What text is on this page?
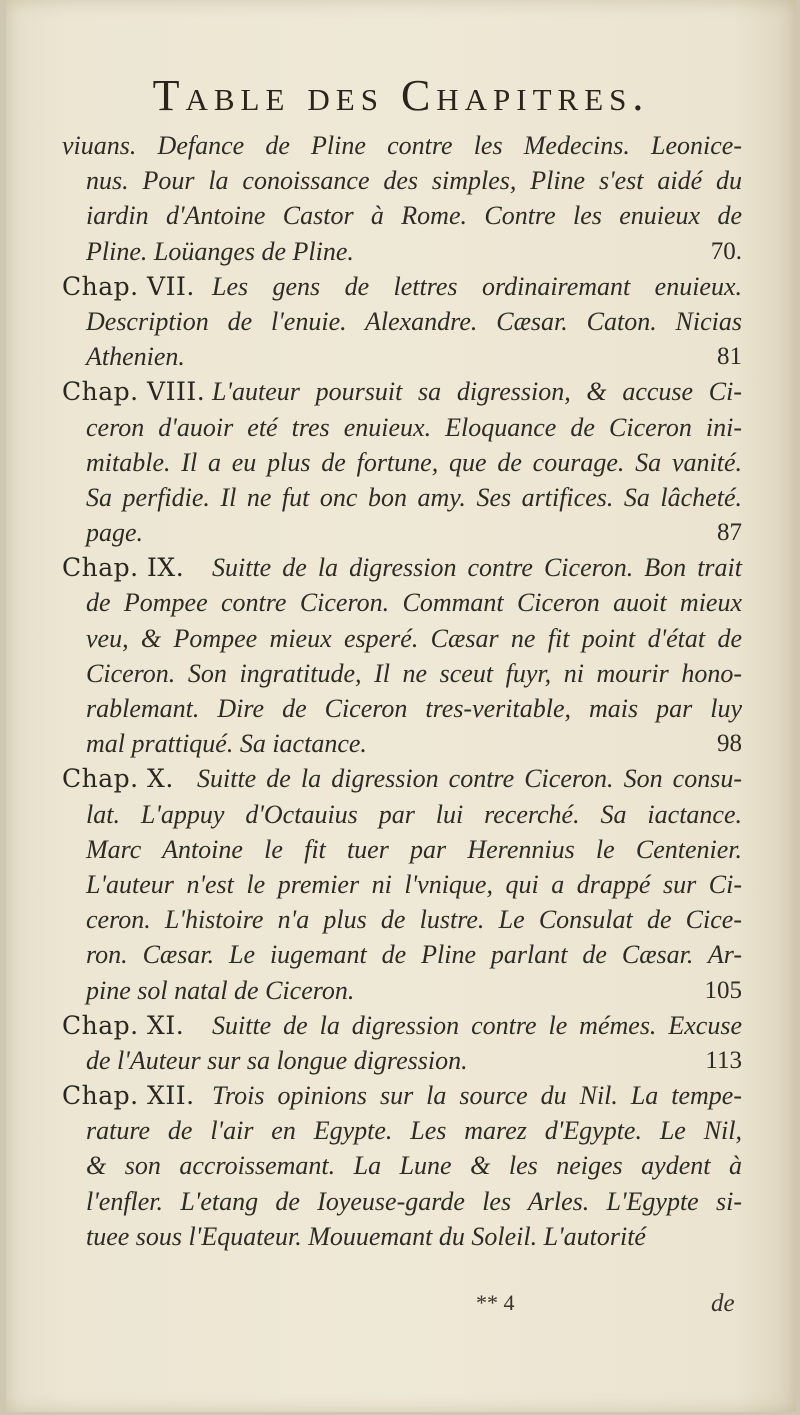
Table des Chapitres.
viuans. Defance de Pline contre les Medecins. Leonice-
nus. Pour la conoissance des simples, Pline s'est aidé du
iardin d'Antoine Castor à Rome. Contre les enuieux de
Pline. Loüanges de Pline.	70.
Chap. VII. Les gens de lettres ordinairemant enuieux.
Description de l'enuie. Alexandre. Cæsar. Caton. Nicias
Athenien.	81
Chap. VIII. L'auteur poursuit sa digression, & accuse Ci-
ceron d'auoir eté tres enuieux. Eloquance de Ciceron ini-
mitable. Il a eu plus de fortune, que de courage. Sa vanité.
Sa perfidie. Il ne fut onc bon amy. Ses artifices. Sa lâcheté.
page.	87
Chap. IX.	Suitte de la digression contre Ciceron. Bon trait
de Pompee contre Ciceron. Commant Ciceron auoit mieux
veu, & Pompee mieux esperé. Cæsar ne fit point d'état de
Ciceron. Son ingratitude, Il ne sceut fuyr, ni mourir hono-
rablemant. Dire de Ciceron tres-veritable, mais par luy
mal prattiqué. Sa iactance.	98
Chap. X. Suitte de la digression contre Ciceron. Son consu-
lat. L'appuy d'Octauius par lui recerché. Sa iactance.
Marc Antoine le fit tuer par Herennius le Centenier.
L'auteur n'est le premier ni l'vnique, qui a drappé sur Ci-
ceron. L'histoire n'a plus de lustre. Le Consulat de Cice-
ron. Cæsar. Le iugemant de Pline parlant de Cæsar. Ar-
pine sol natal de Ciceron.	105
Chap. XI.	Suitte de la digression contre le mémes. Excuse
de l'Auteur sur sa longue digression.	113
Chap. XII. Trois opinions sur la source du Nil. La tempe-
rature de l'air en Egypte. Les marez d'Egypte. Le Nil,
& son accroissemant. La Lune & les neiges aydent à
l'enfler. L'etang de Ioyeuse-garde les Arles. L'Egypte si-
tuee sous l'Equateur. Mouuemant du Soleil. L'autorité
** 4	de
